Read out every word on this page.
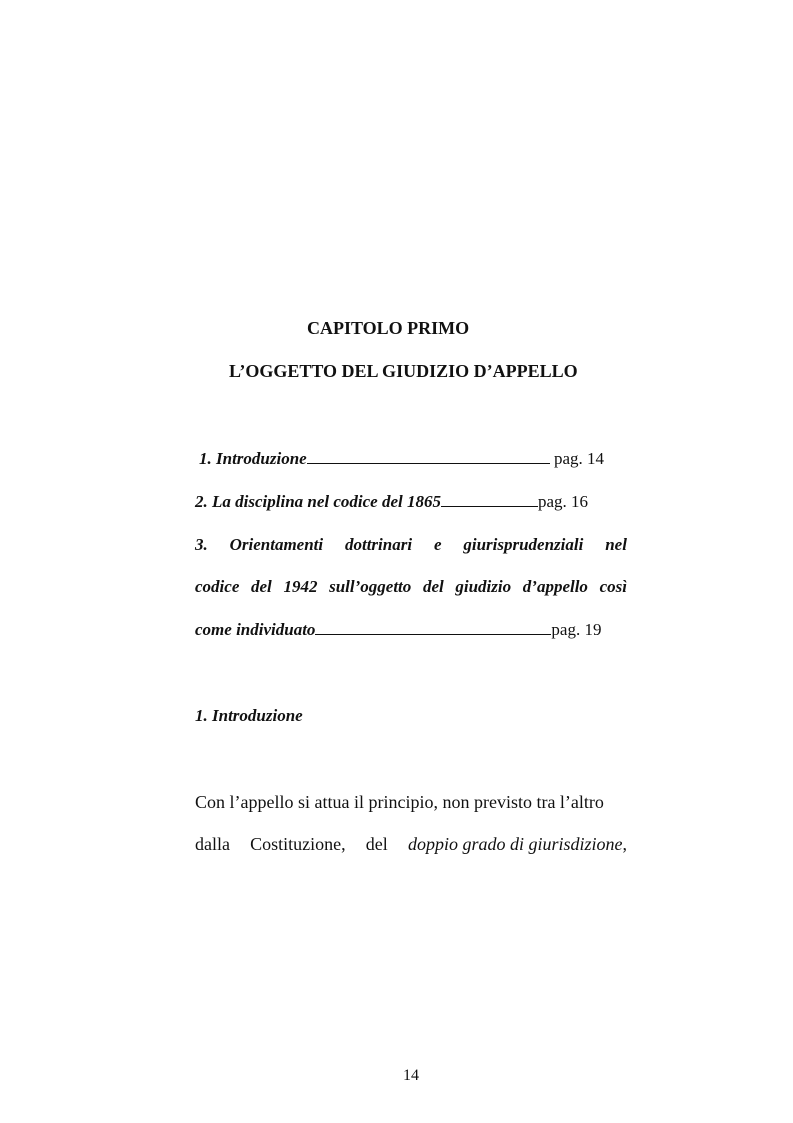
CAPITOLO PRIMO
L’OGGETTO DEL GIUDIZIO D’APPELLO
1. Introduzione	pag. 14
2. La disciplina nel codice del 1865	pag. 16
3. Orientamenti dottrinari e giurisprudenziali nel
codice del 1942 sull’oggetto del giudizio d’appello così
come individuato	pag. 19
1. Introduzione
Con l’appello si attua il principio, non previsto tra l’altro
dalla Costituzione, del doppio grado di giurisdizione,
14
